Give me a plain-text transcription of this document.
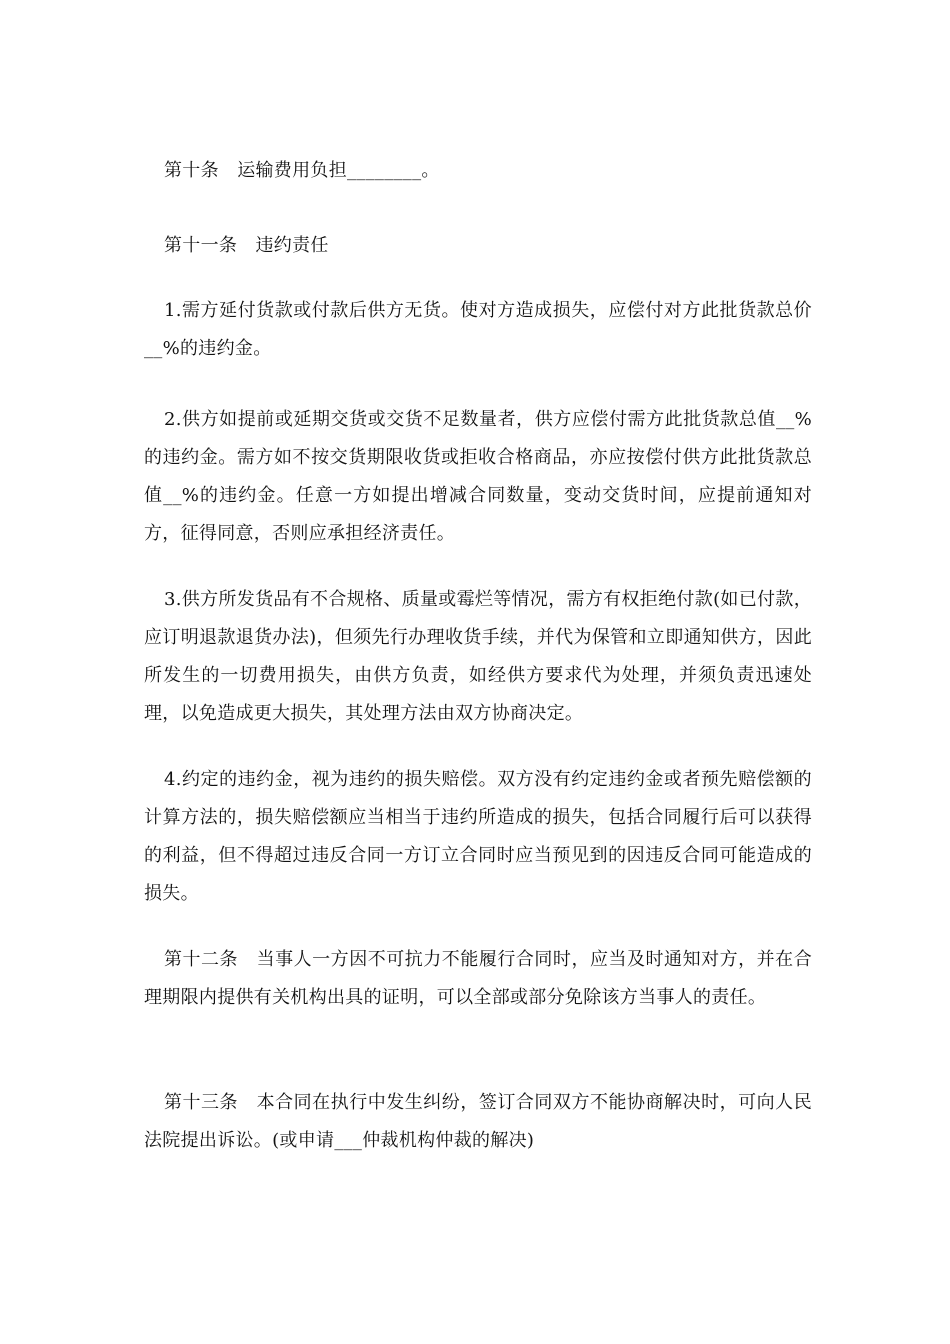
第十条　运输费用负担________。

第十一条　违约责任

1.需方延付货款或付款后供方无货。使对方造成损失，应偿付对方此批货款总价__%的违约金。

2.供方如提前或延期交货或交货不足数量者，供方应偿付需方此批货款总值__%的违约金。需方如不按交货期限收货或拒收合格商品，亦应按偿付供方此批货款总值__%的违约金。任意一方如提出增减合同数量，变动交货时间，应提前通知对方，征得同意，否则应承担经济责任。

3.供方所发货品有不合规格、质量或霉烂等情况，需方有权拒绝付款(如已付款，应订明退款退货办法)，但须先行办理收货手续，并代为保管和立即通知供方，因此所发生的一切费用损失，由供方负责，如经供方要求代为处理，并须负责迅速处理，以免造成更大损失，其处理方法由双方协商决定。

4.约定的违约金，视为违约的损失赔偿。双方没有约定违约金或者预先赔偿额的计算方法的，损失赔偿额应当相当于违约所造成的损失，包括合同履行后可以获得的利益，但不得超过违反合同一方订立合同时应当预见到的因违反合同可能造成的损失。

第十二条　当事人一方因不可抗力不能履行合同时，应当及时通知对方，并在合理期限内提供有关机构出具的证明，可以全部或部分免除该方当事人的责任。

第十三条　本合同在执行中发生纠纷，签订合同双方不能协商解决时，可向人民法院提出诉讼。(或申请___仲裁机构仲裁的解决)
